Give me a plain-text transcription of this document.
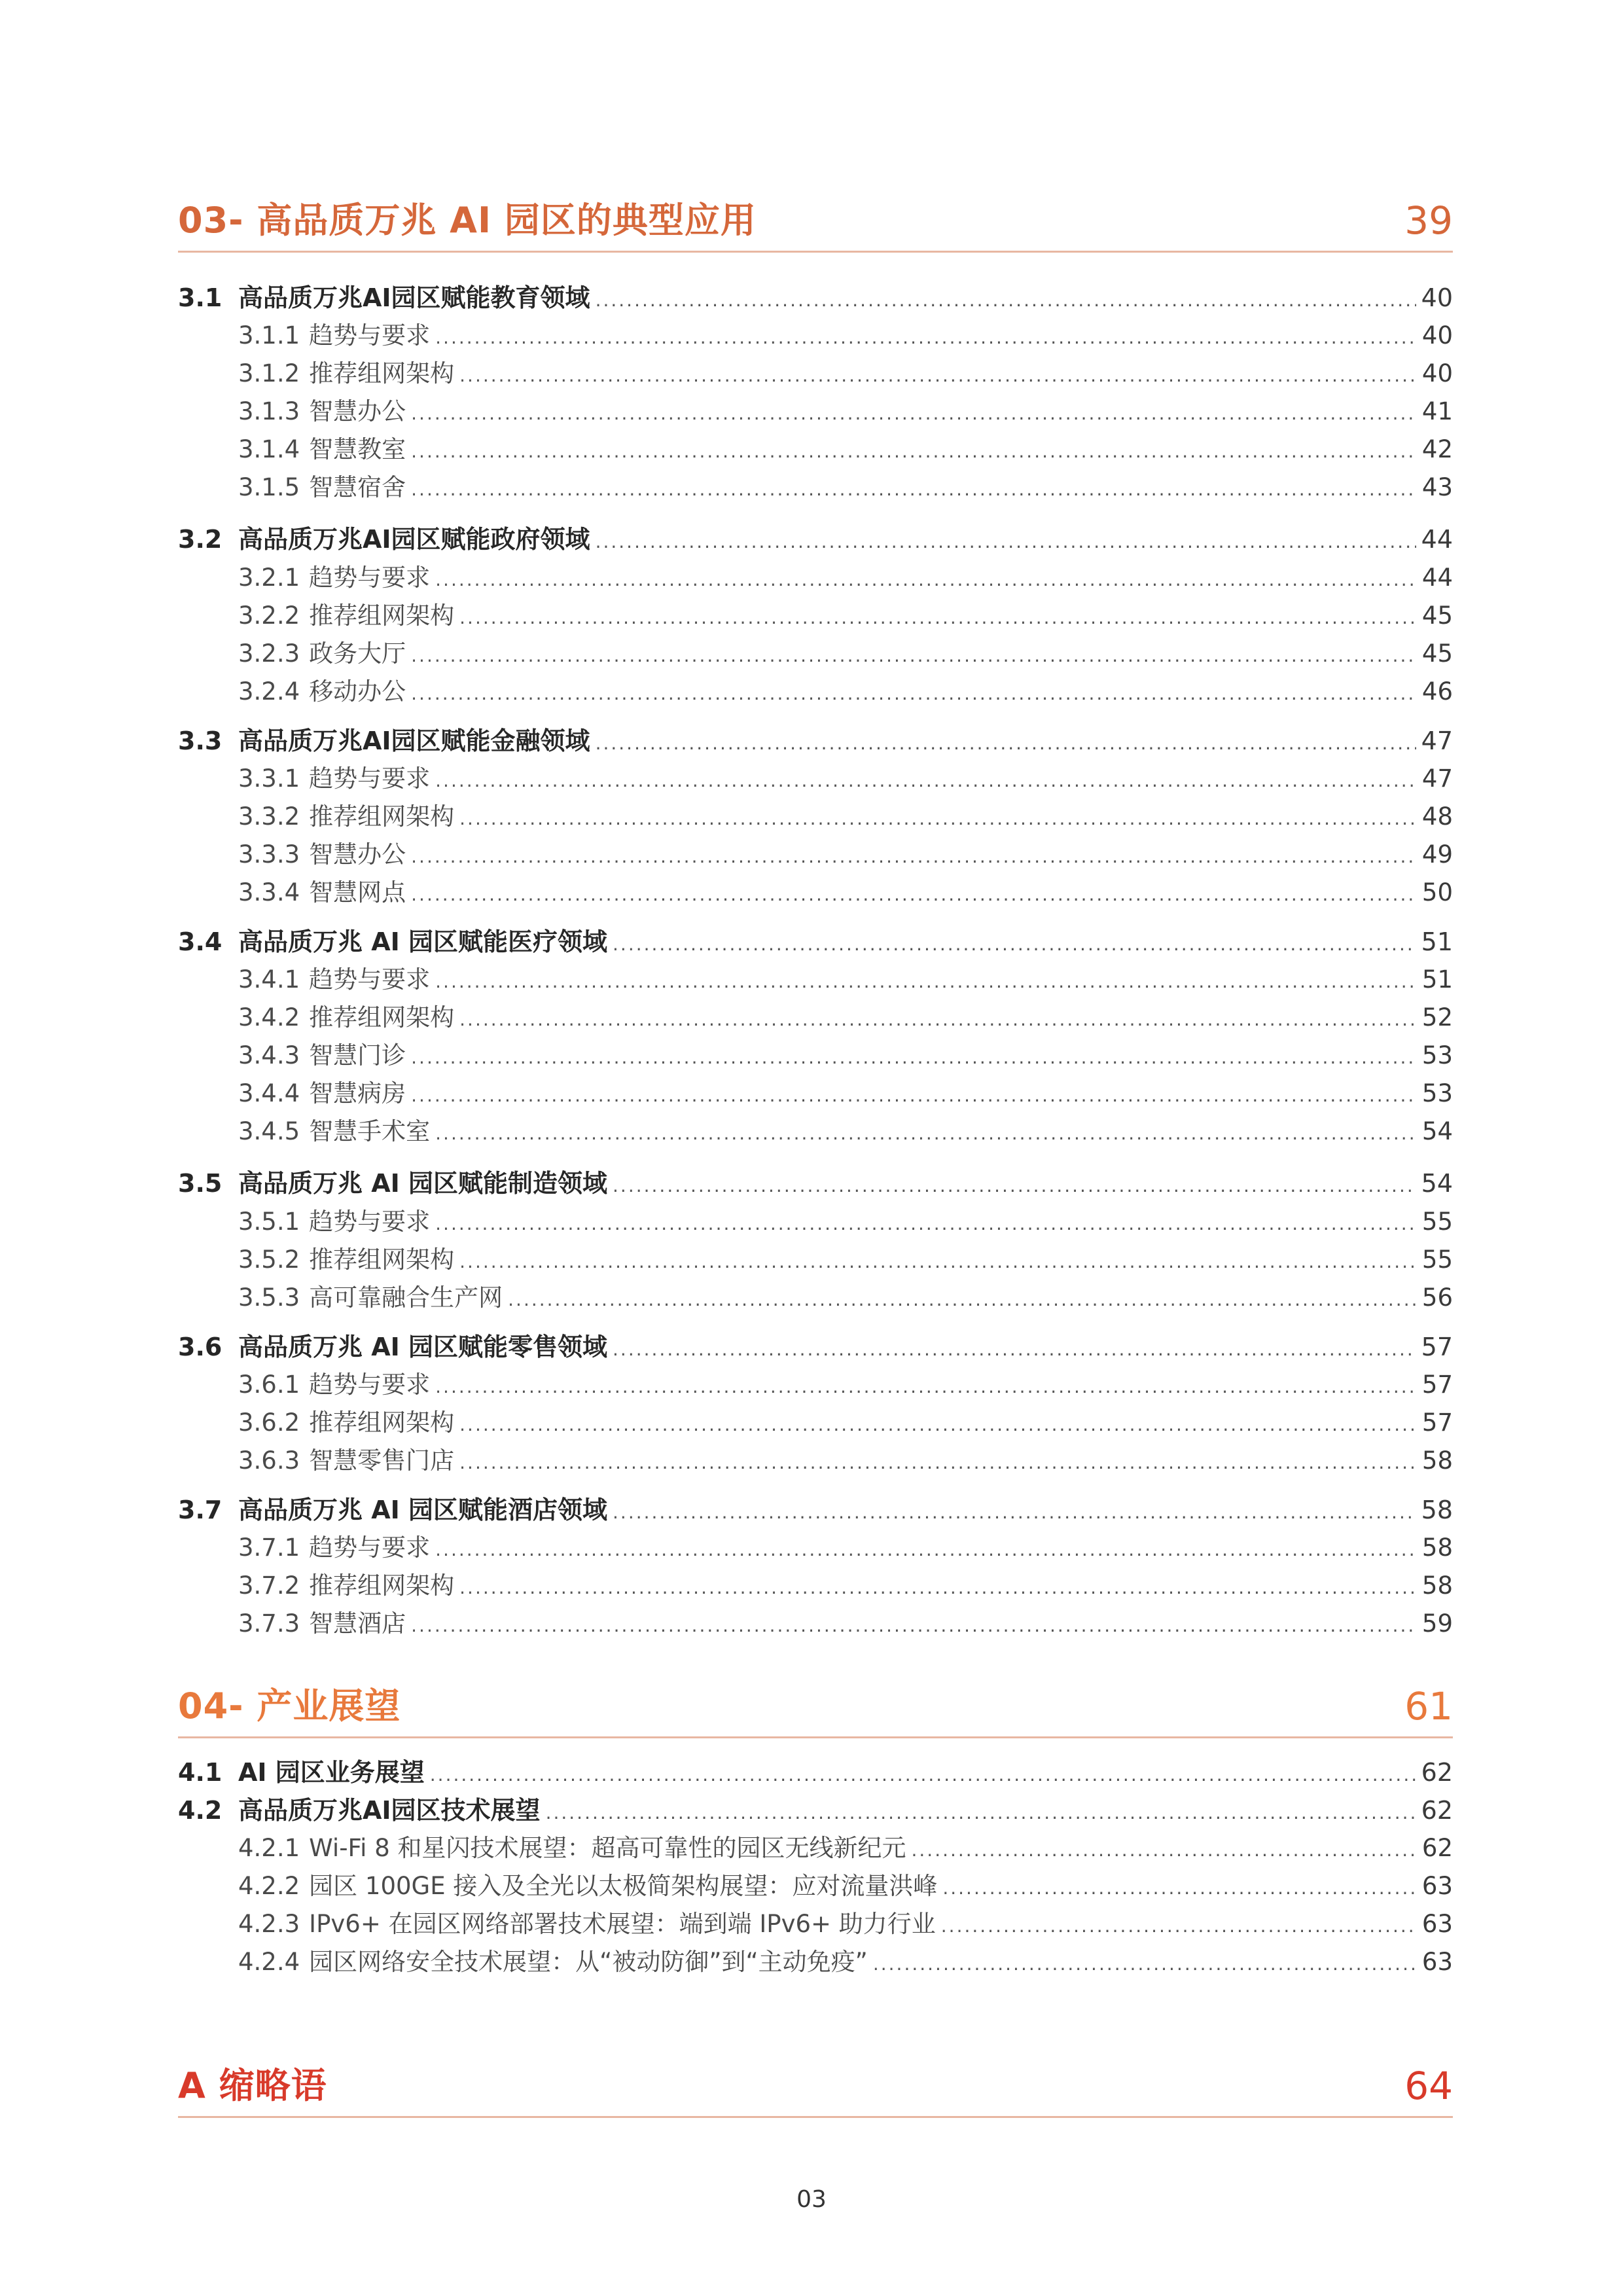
03- 高品质万兆 AI 园区的典型应用	39
3.1 高品质万兆AI园区赋能教育领域 .....	40
3.1.1 趋势与要求 .....	40
3.1.2 推荐组网架构 .....	40
3.1.3 智慧办公 .....	41
3.1.4 智慧教室 .....	42
3.1.5 智慧宿舍 .....	43
3.2 高品质万兆AI园区赋能政府领域 .....	44
3.2.1 趋势与要求 .....	44
3.2.2 推荐组网架构 .....	45
3.2.3 政务大厅 .....	45
3.2.4 移动办公 .....	46
3.3 高品质万兆AI园区赋能金融领域 .....	47
3.3.1 趋势与要求 .....	47
3.3.2 推荐组网架构 .....	48
3.3.3 智慧办公 .....	49
3.3.4 智慧网点 .....	50
3.4 高品质万兆 AI 园区赋能医疗领域 .....	51
3.4.1 趋势与要求 .....	51
3.4.2 推荐组网架构 .....	52
3.4.3 智慧门诊 .....	53
3.4.4 智慧病房 .....	53
3.4.5 智慧手术室 .....	54
3.5 高品质万兆 AI 园区赋能制造领域 .....	54
3.5.1 趋势与要求 .....	55
3.5.2 推荐组网架构 .....	55
3.5.3 高可靠融合生产网 .....	56
3.6 高品质万兆 AI 园区赋能零售领域 .....	57
3.6.1 趋势与要求 .....	57
3.6.2 推荐组网架构 .....	57
3.6.3 智慧零售门店 .....	58
3.7 高品质万兆 AI 园区赋能酒店领域 .....	58
3.7.1 趋势与要求 .....	58
3.7.2 推荐组网架构 .....	58
3.7.3 智慧酒店 .....	59
04- 产业展望	61
4.1 AI 园区业务展望 .....	62
4.2 高品质万兆AI园区技术展望 .....	62
4.2.1 Wi-Fi 8 和星闪技术展望：超高可靠性的园区无线新纪元 .....	62
4.2.2 园区 100GE 接入及全光以太极简架构展望：应对流量洪峰 .....	63
4.2.3 IPv6+ 在园区网络部署技术展望：端到端 IPv6+ 助力行业 .....	63
4.2.4 园区网络安全技术展望：从“被动防御”到“主动免疫” .....	63
A 缩略语	64
03
